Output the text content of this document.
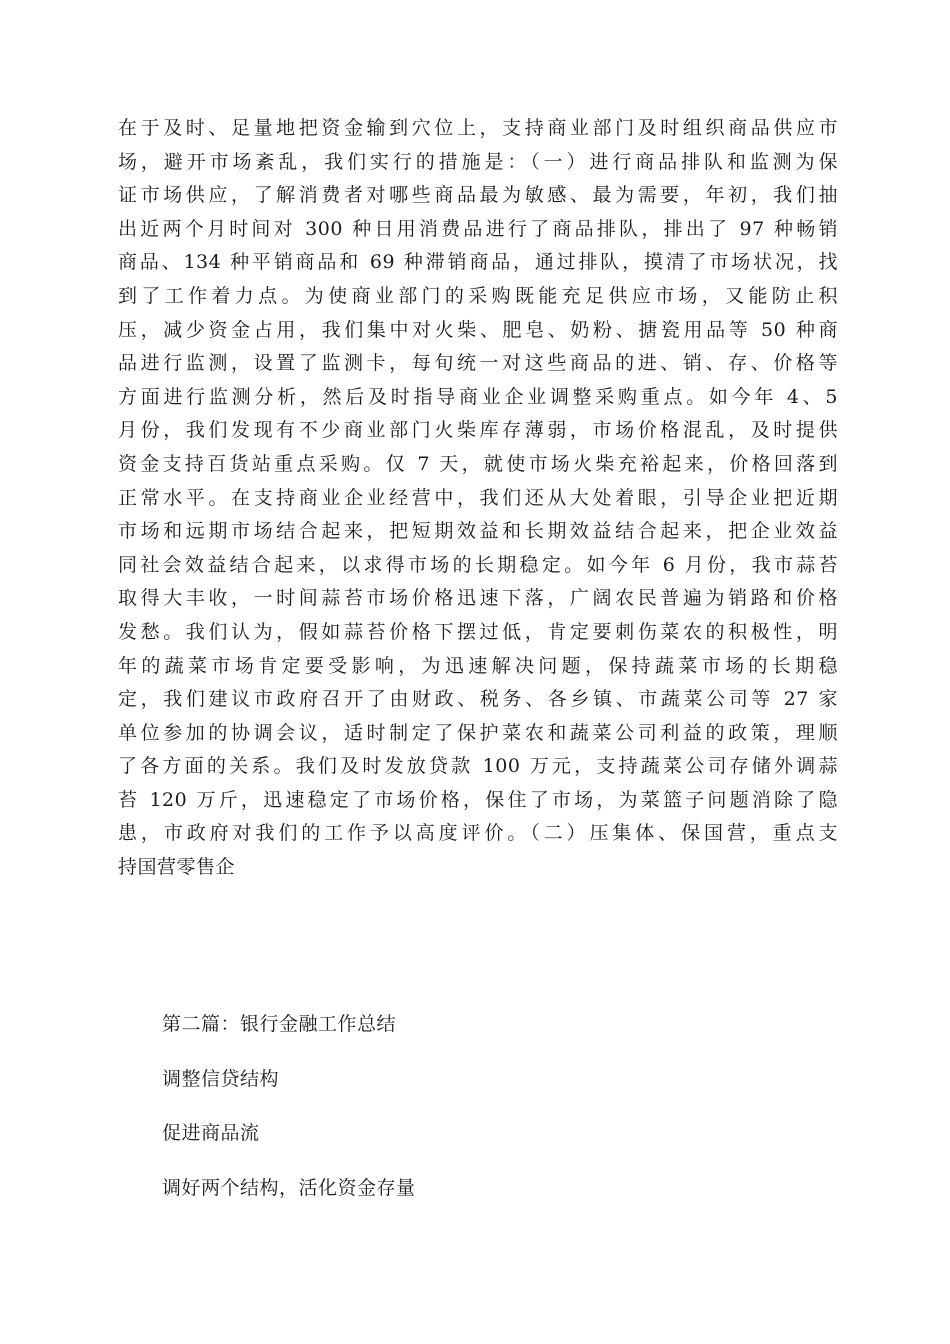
在于及时、足量地把资金输到穴位上，支持商业部门及时组织商品供应市
场，避开市场紊乱，我们实行的措施是：（一）进行商品排队和监测为保
证市场供应，了解消费者对哪些商品最为敏感、最为需要，年初，我们抽
出近两个月时间对 300 种日用消费品进行了商品排队，排出了 97 种畅销
商品、134 种平销商品和 69 种滞销商品，通过排队，摸清了市场状况，找
到了工作着力点。为使商业部门的采购既能充足供应市场，又能防止积
压，减少资金占用，我们集中对火柴、肥皂、奶粉、搪瓷用品等 50 种商
品进行监测，设置了监测卡，每旬统一对这些商品的进、销、存、价格等
方面进行监测分析，然后及时指导商业企业调整采购重点。如今年 4、5
月份，我们发现有不少商业部门火柴库存薄弱，市场价格混乱，及时提供
资金支持百货站重点采购。仅 7 天，就使市场火柴充裕起来，价格回落到
正常水平。在支持商业企业经营中，我们还从大处着眼，引导企业把近期
市场和远期市场结合起来，把短期效益和长期效益结合起来，把企业效益
同社会效益结合起来，以求得市场的长期稳定。如今年 6 月份，我市蒜苔
取得大丰收，一时间蒜苔市场价格迅速下落，广阔农民普遍为销路和价格
发愁。我们认为，假如蒜苔价格下摆过低，肯定要刺伤菜农的积极性，明
年的蔬菜市场肯定要受影响，为迅速解决问题，保持蔬菜市场的长期稳
定，我们建议市政府召开了由财政、税务、各乡镇、市蔬菜公司等 27 家
单位参加的协调会议，适时制定了保护菜农和蔬菜公司利益的政策，理顺
了各方面的关系。我们及时发放贷款 100 万元，支持蔬菜公司存储外调蒜
苔 120 万斤，迅速稳定了市场价格，保住了市场，为菜篮子问题消除了隐
患，市政府对我们的工作予以高度评价。（二）压集体、保国营，重点支
持国营零售企
第二篇：银行金融工作总结
调整信贷结构
促进商品流
调好两个结构，活化资金存量
